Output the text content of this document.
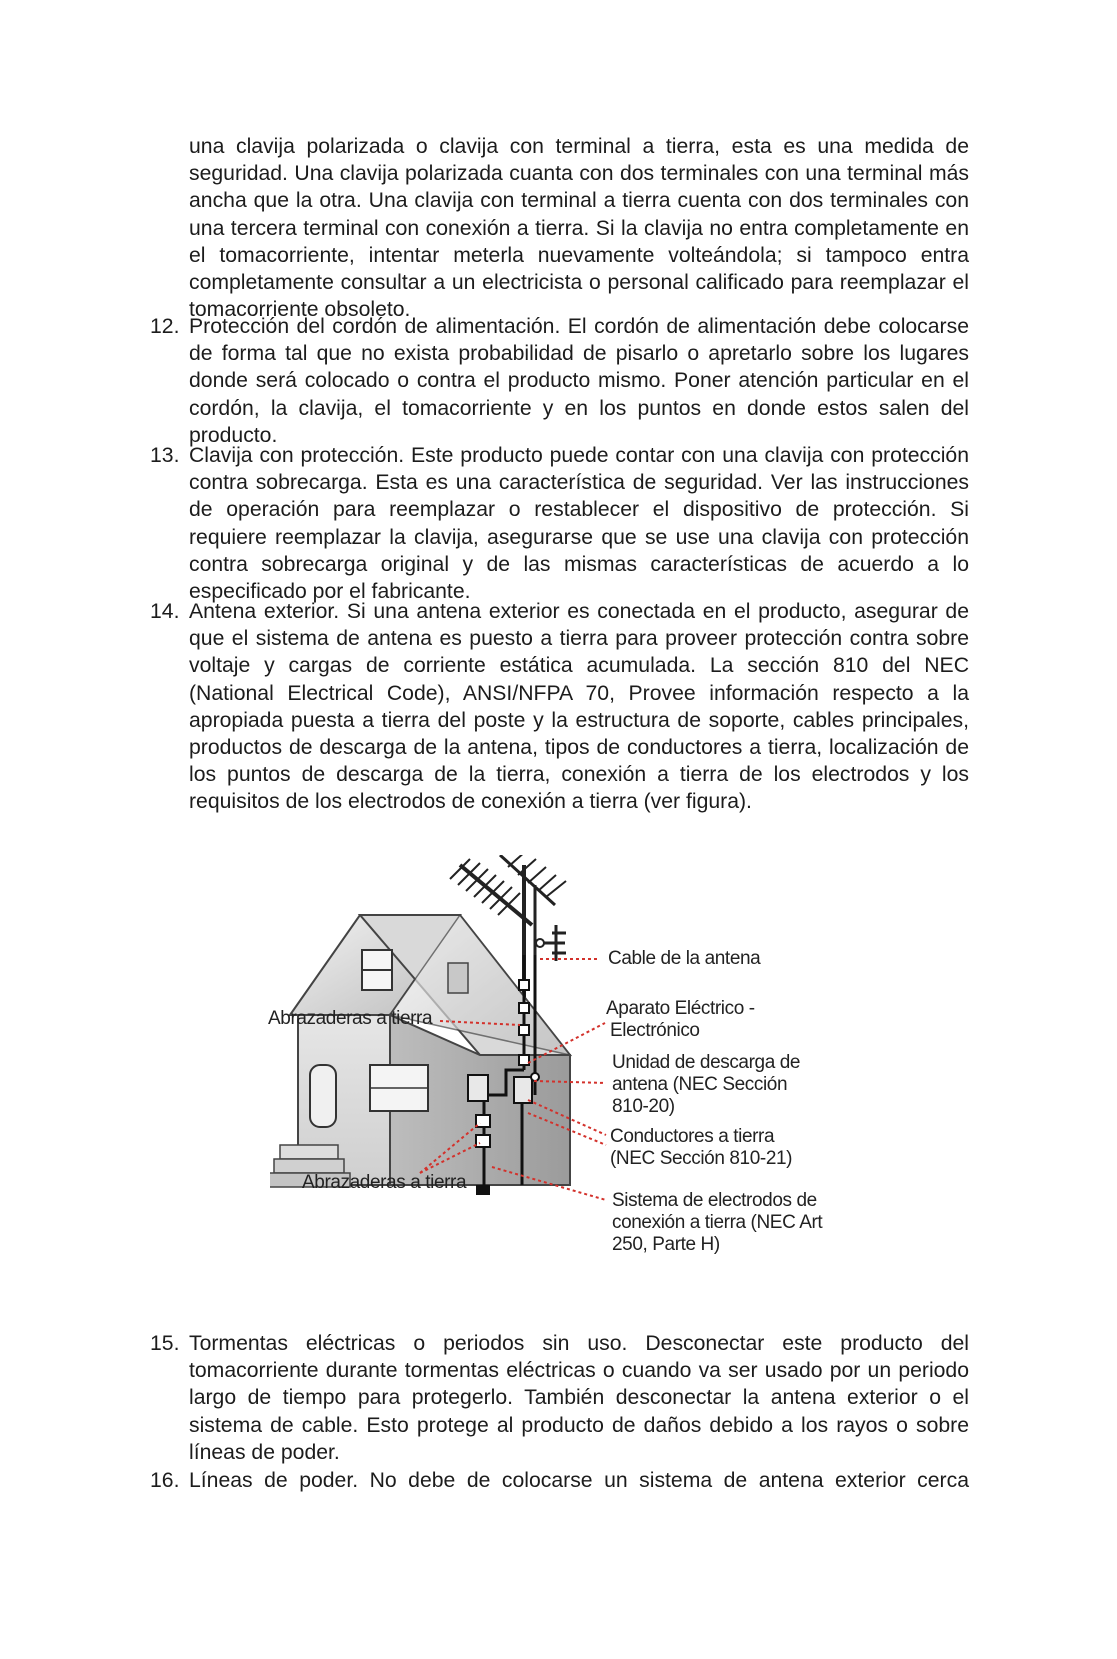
una clavija polarizada o clavija con terminal a tierra, esta es una medida de seguridad. Una clavija polarizada cuanta con dos terminales con una terminal más ancha que la otra. Una clavija con terminal a tierra cuenta con dos terminales con una tercera terminal con conexión a tierra. Si la clavija no entra completamente en el tomacorriente, intentar meterla nuevamente volteándola; si tampoco entra completamente consultar a un electricista o personal calificado para reemplazar el tomacorriente obsoleto.

12. Protección del cordón de alimentación. El cordón de alimentación debe colocarse de forma tal que no exista probabilidad de pisarlo o apretarlo sobre los lugares donde será colocado o contra el producto mismo. Poner atención particular en el cordón, la clavija, el tomacorriente y en los puntos en donde estos salen del producto.

13. Clavija con protección. Este producto puede contar con una clavija con protección contra sobrecarga. Esta es una característica de seguridad. Ver las instrucciones de operación para reemplazar o restablecer el dispositivo de protección. Si requiere reemplazar la clavija, asegurarse que se use una clavija con protección contra sobrecarga original y de las mismas características de acuerdo a lo especificado por el fabricante.

14. Antena exterior. Si una antena exterior es conectada en el producto, asegurar de que el sistema de antena es puesto a tierra para proveer protección contra sobre voltaje y cargas de corriente estática acumulada. La sección 810 del NEC (National Electrical Code), ANSI/NFPA 70, Provee información respecto a la apropiada puesta a tierra del poste y la estructura de soporte, cables principales, productos de descarga de la antena, tipos de conductores a tierra, localización de los puntos de descarga de la tierra, conexión a tierra de los electrodos y los requisitos de los electrodos de conexión a tierra (ver figura).

Cable de la antena
Abrazaderas a tierra	Aparato Eléctrico -
Electrónico
Unidad de descarga de
antena (NEC Sección
810-20)
Conductores a tierra
(NEC Sección 810-21)
Abrazaderas a tierra
Sistema de electrodos de
conexión a tierra (NEC Art
250, Parte H)
15. Tormentas eléctricas o periodos sin uso. Desconectar este producto del tomacorriente durante tormentas eléctricas o cuando va ser usado por un periodo largo de tiempo para protegerlo. También desconectar la antena exterior o el sistema de cable. Esto protege al producto de daños debido a los rayos o sobre líneas de poder.

16. Líneas de poder. No debe de colocarse un sistema de antena exterior cerca
